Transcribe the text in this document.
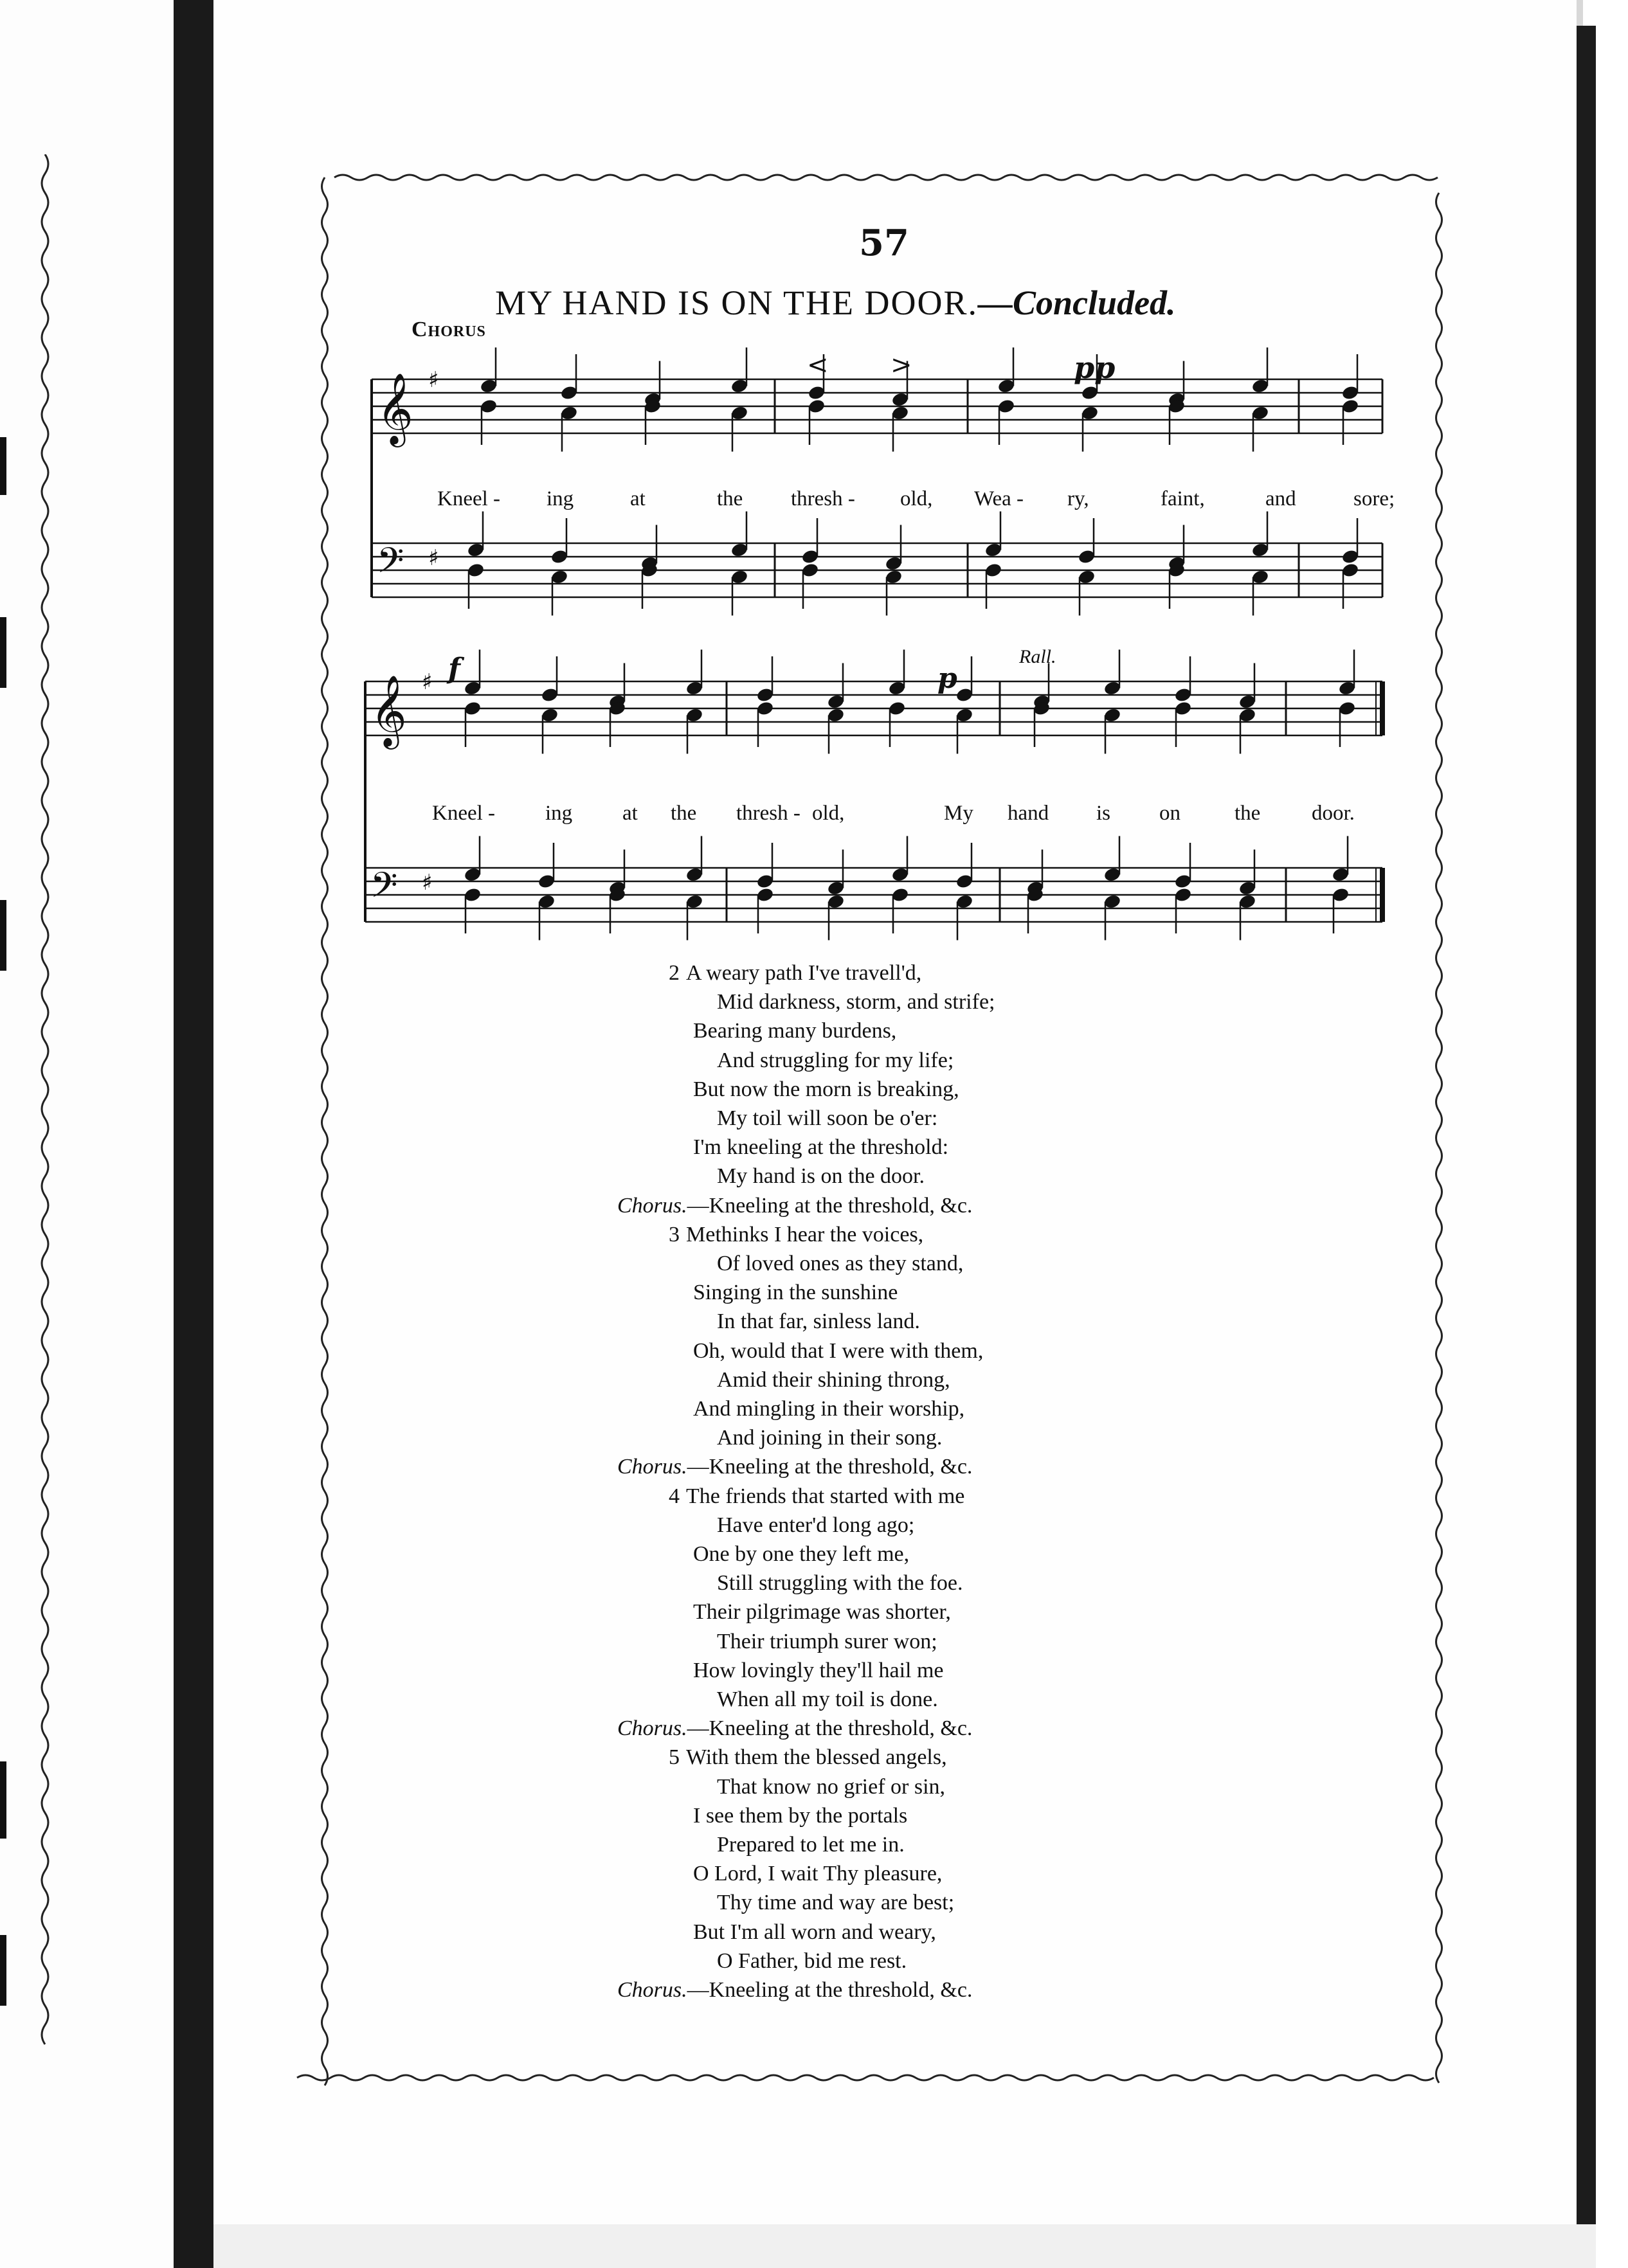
57
MY HAND IS ON THE DOOR.—Concluded.
Chorus
pp
f	p
Rall.
< >
𝄞 ♯
𝄢 ♯
𝄞 ♯
𝄢 ♯
Kneel - ing	at	the thresh - old, Wea - ry,	faint,	and	sore;
Kneel - ing at the thresh - old,	My hand is on	the door.
2 A weary path I've travell'd,
Mid darkness, storm, and strife;
Bearing many burdens,
And struggling for my life;
But now the morn is breaking,
My toil will soon be o'er:
I'm kneeling at the threshold:
My hand is on the door.
Chorus.—Kneeling at the threshold, &c.
3 Methinks I hear the voices,
Of loved ones as they stand,
Singing in the sunshine
In that far, sinless land.
Oh, would that I were with them,
Amid their shining throng,
And mingling in their worship,
And joining in their song.
Chorus.—Kneeling at the threshold, &c.
4 The friends that started with me
Have enter'd long ago;
One by one they left me,
Still struggling with the foe.
Their pilgrimage was shorter,
Their triumph surer won;
How lovingly they'll hail me
When all my toil is done.
Chorus.—Kneeling at the threshold, &c.
5 With them the blessed angels,
That know no grief or sin,
I see them by the portals
Prepared to let me in.
O Lord, I wait Thy pleasure,
Thy time and way are best;
But I'm all worn and weary,
O Father, bid me rest.
Chorus.—Kneeling at the threshold, &c.
